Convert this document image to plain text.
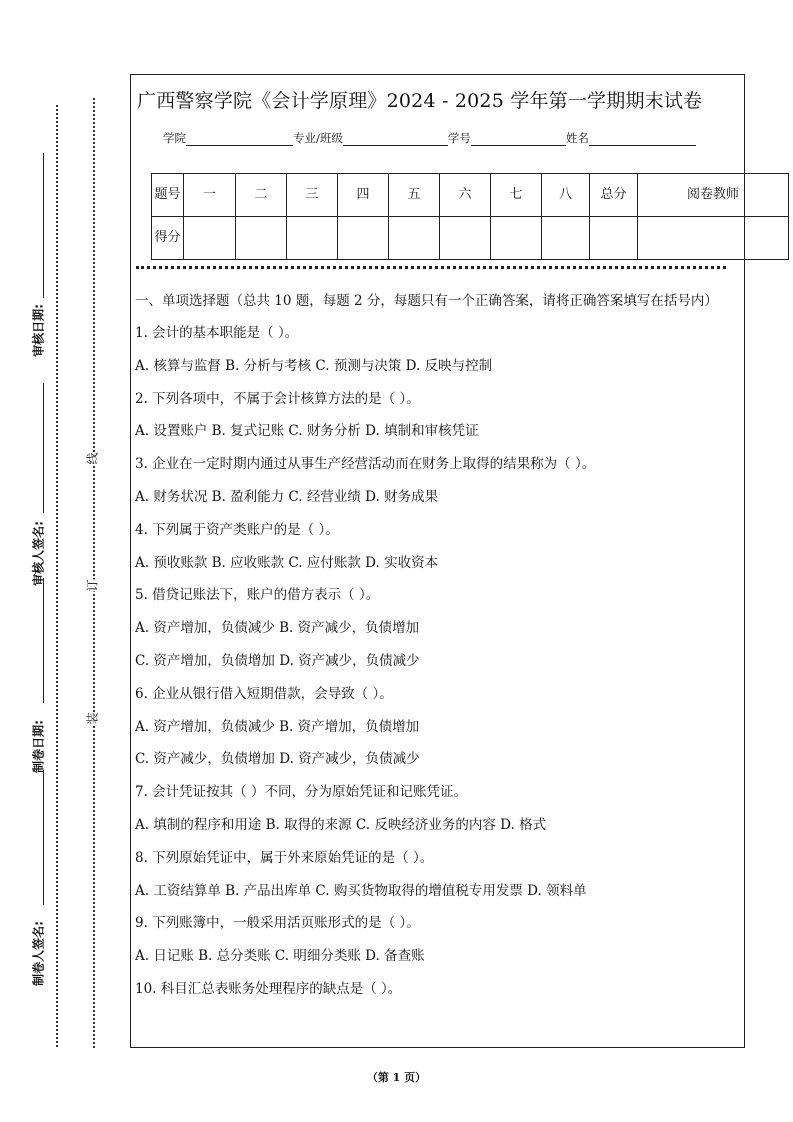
审核日期:
审核人签名:
制卷日期:
制卷人签名:
线
订
装
广西警察学院《会计学原理》2024 - 2025 学年第一学期期末试卷
学院	专业/班级	学号	姓名
题号	一	二	三	四	五	六	七	八	总分	阅卷教师
得分										
一、单项选择题（总共 10 题，每题 2 分，每题只有一个正确答案，请将正确答案填写在括号内）
1. 会计的基本职能是（ ）。
A. 核算与监督 B. 分析与考核 C. 预测与决策 D. 反映与控制
2. 下列各项中，不属于会计核算方法的是（ ）。
A. 设置账户 B. 复式记账 C. 财务分析 D. 填制和审核凭证
3. 企业在一定时期内通过从事生产经营活动而在财务上取得的结果称为（ ）。
A. 财务状况 B. 盈利能力 C. 经营业绩 D. 财务成果
4. 下列属于资产类账户的是（ ）。
A. 预收账款 B. 应收账款 C. 应付账款 D. 实收资本
5. 借贷记账法下，账户的借方表示（ ）。
A. 资产增加，负债减少 B. 资产减少，负债增加
C. 资产增加，负债增加 D. 资产减少，负债减少
6. 企业从银行借入短期借款，会导致（ ）。
A. 资产增加，负债减少 B. 资产增加，负债增加
C. 资产减少，负债增加 D. 资产减少，负债减少
7. 会计凭证按其（ ）不同，分为原始凭证和记账凭证。
A. 填制的程序和用途 B. 取得的来源 C. 反映经济业务的内容 D. 格式
8. 下列原始凭证中，属于外来原始凭证的是（ ）。
A. 工资结算单 B. 产品出库单 C. 购买货物取得的增值税专用发票 D. 领料单
9. 下列账簿中，一般采用活页账形式的是（ ）。
A. 日记账 B. 总分类账 C. 明细分类账 D. 备查账
10. 科目汇总表账务处理程序的缺点是（ ）。
（第 1 页）
